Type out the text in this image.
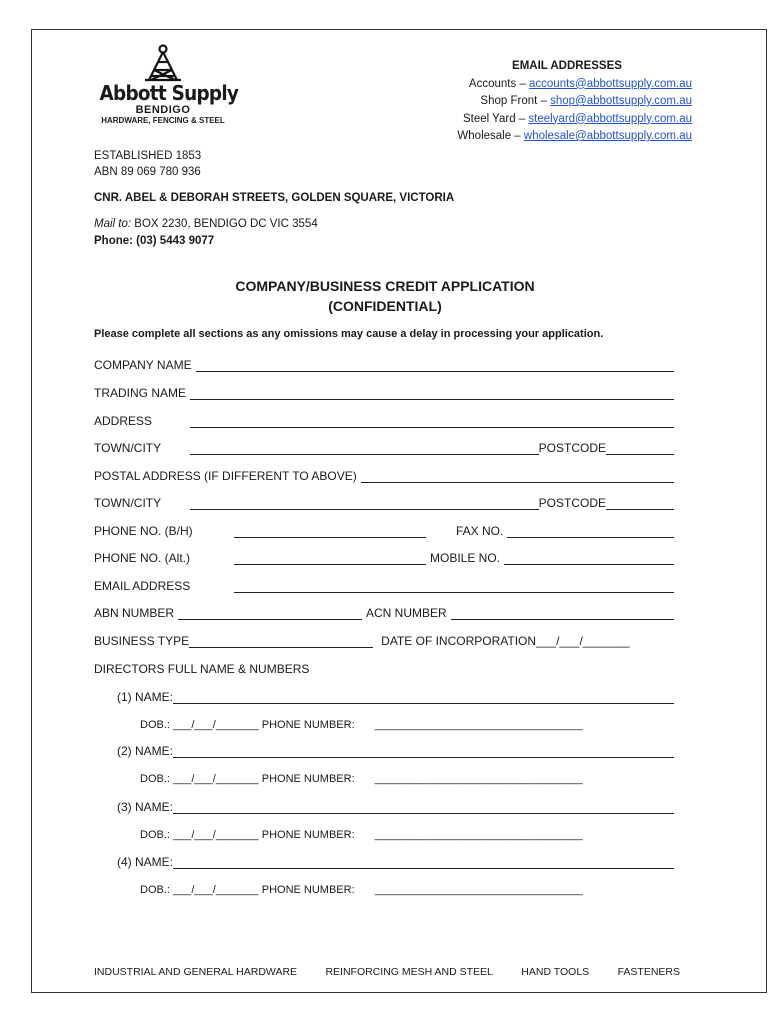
Abbott Supply
BENDIGO
HARDWARE, FENCING & STEEL
EMAIL ADDRESSES
Accounts – accounts@abbottsupply.com.au
Shop Front – shop@abbottsupply.com.au
Steel Yard – steelyard@abbottsupply.com.au
Wholesale – wholesale@abbottsupply.com.au
ESTABLISHED 1853
ABN 89 069 780 936
CNR. ABEL & DEBORAH STREETS, GOLDEN SQUARE, VICTORIA
Mail to: BOX 2230, BENDIGO DC VIC 3554
Phone: (03) 5443 9077
COMPANY/BUSINESS CREDIT APPLICATION
(CONFIDENTIAL)
Please complete all sections as any omissions may cause a delay in processing your application.
COMPANY NAME
TRADING NAME
ADDRESS
TOWN/CITY	POSTCODE
POSTAL ADDRESS (IF DIFFERENT TO ABOVE)
TOWN/CITY	POSTCODE
PHONE NO. (B/H)	FAX NO.
PHONE NO. (Alt.)	MOBILE NO.
EMAIL ADDRESS
ABN NUMBER	ACN NUMBER
BUSINESS TYPE	DATE OF INCORPORATION ___/___/_______
DIRECTORS FULL NAME & NUMBERS
(1)
NAME:
DOB.:
___/___/_______
PHONE NUMBER:	__________________________________
(2)
NAME:
DOB.:
___/___/_______
PHONE NUMBER:	__________________________________
(3)
NAME:
DOB.:
___/___/_______
PHONE NUMBER:	__________________________________
(4)
NAME:
DOB.:
___/___/_______
PHONE NUMBER:	__________________________________
INDUSTRIAL AND GENERAL HARDWARE	REINFORCING MESH AND STEEL	HAND TOOLS	FASTENERS
